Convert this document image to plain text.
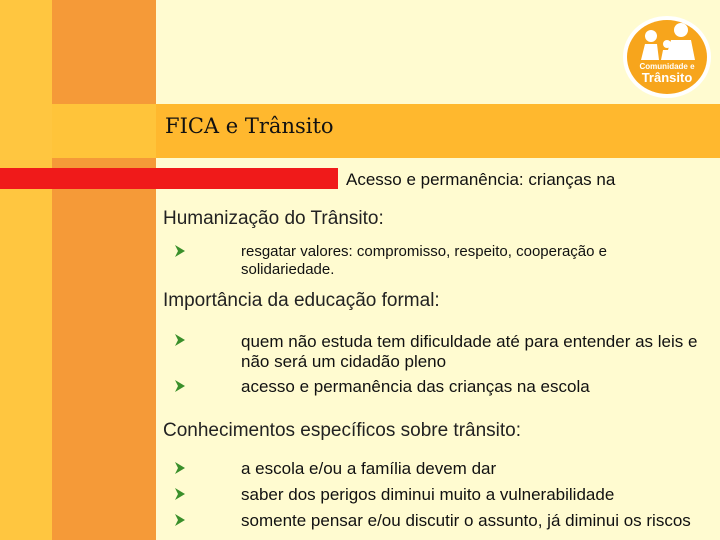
FICA e Trânsito
Acesso e permanência: crianças na
Comunidade e
Trânsito
Humanização do Trânsito:
resgatar valores: compromisso, respeito, cooperação e solidariedade.
Importância da educação formal:
quem não estuda tem dificuldade até para entender as leis e não será um cidadão pleno
acesso e permanência das crianças na escola
Conhecimentos específicos sobre trânsito:
a escola e/ou a família devem dar
saber dos perigos diminui muito a vulnerabilidade
somente pensar e/ou discutir o assunto, já diminui os riscos
